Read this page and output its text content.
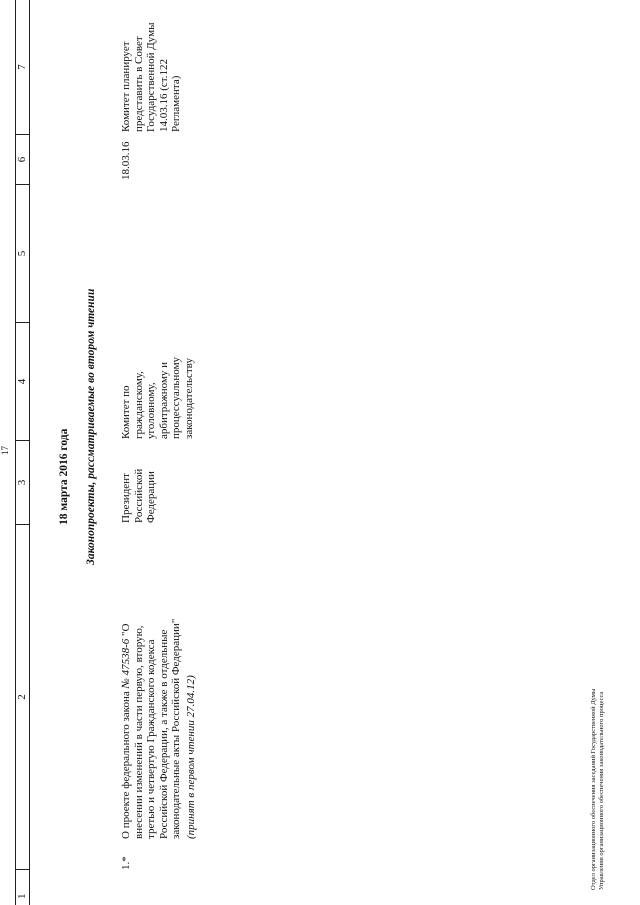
17
1
2
3
4
5
6
7
18 марта 2016 года Законопроекты, рассматриваемые во втором чтении
1.*
О проекте федерального закона № 47538-6 "О внесении изменений в части первую, вторую, третью и четвертую Гражданского кодекса Российской Федерации, а также в отдельные законодательные акты Российской Федерации" (принят в первом чтении 27.04.12)
Президент Российской Федерации
Комитет по гражданскому, уголовному, арбитражному и процессуальному законодательству
18.03.16
Комитет планирует представить в Совет Государственной Думы 14.03.16 (ст.122 Регламента)
Отдел организационного обеспечения заседаний Государственной Думы Управления организационного обеспечения законодательного процесса
